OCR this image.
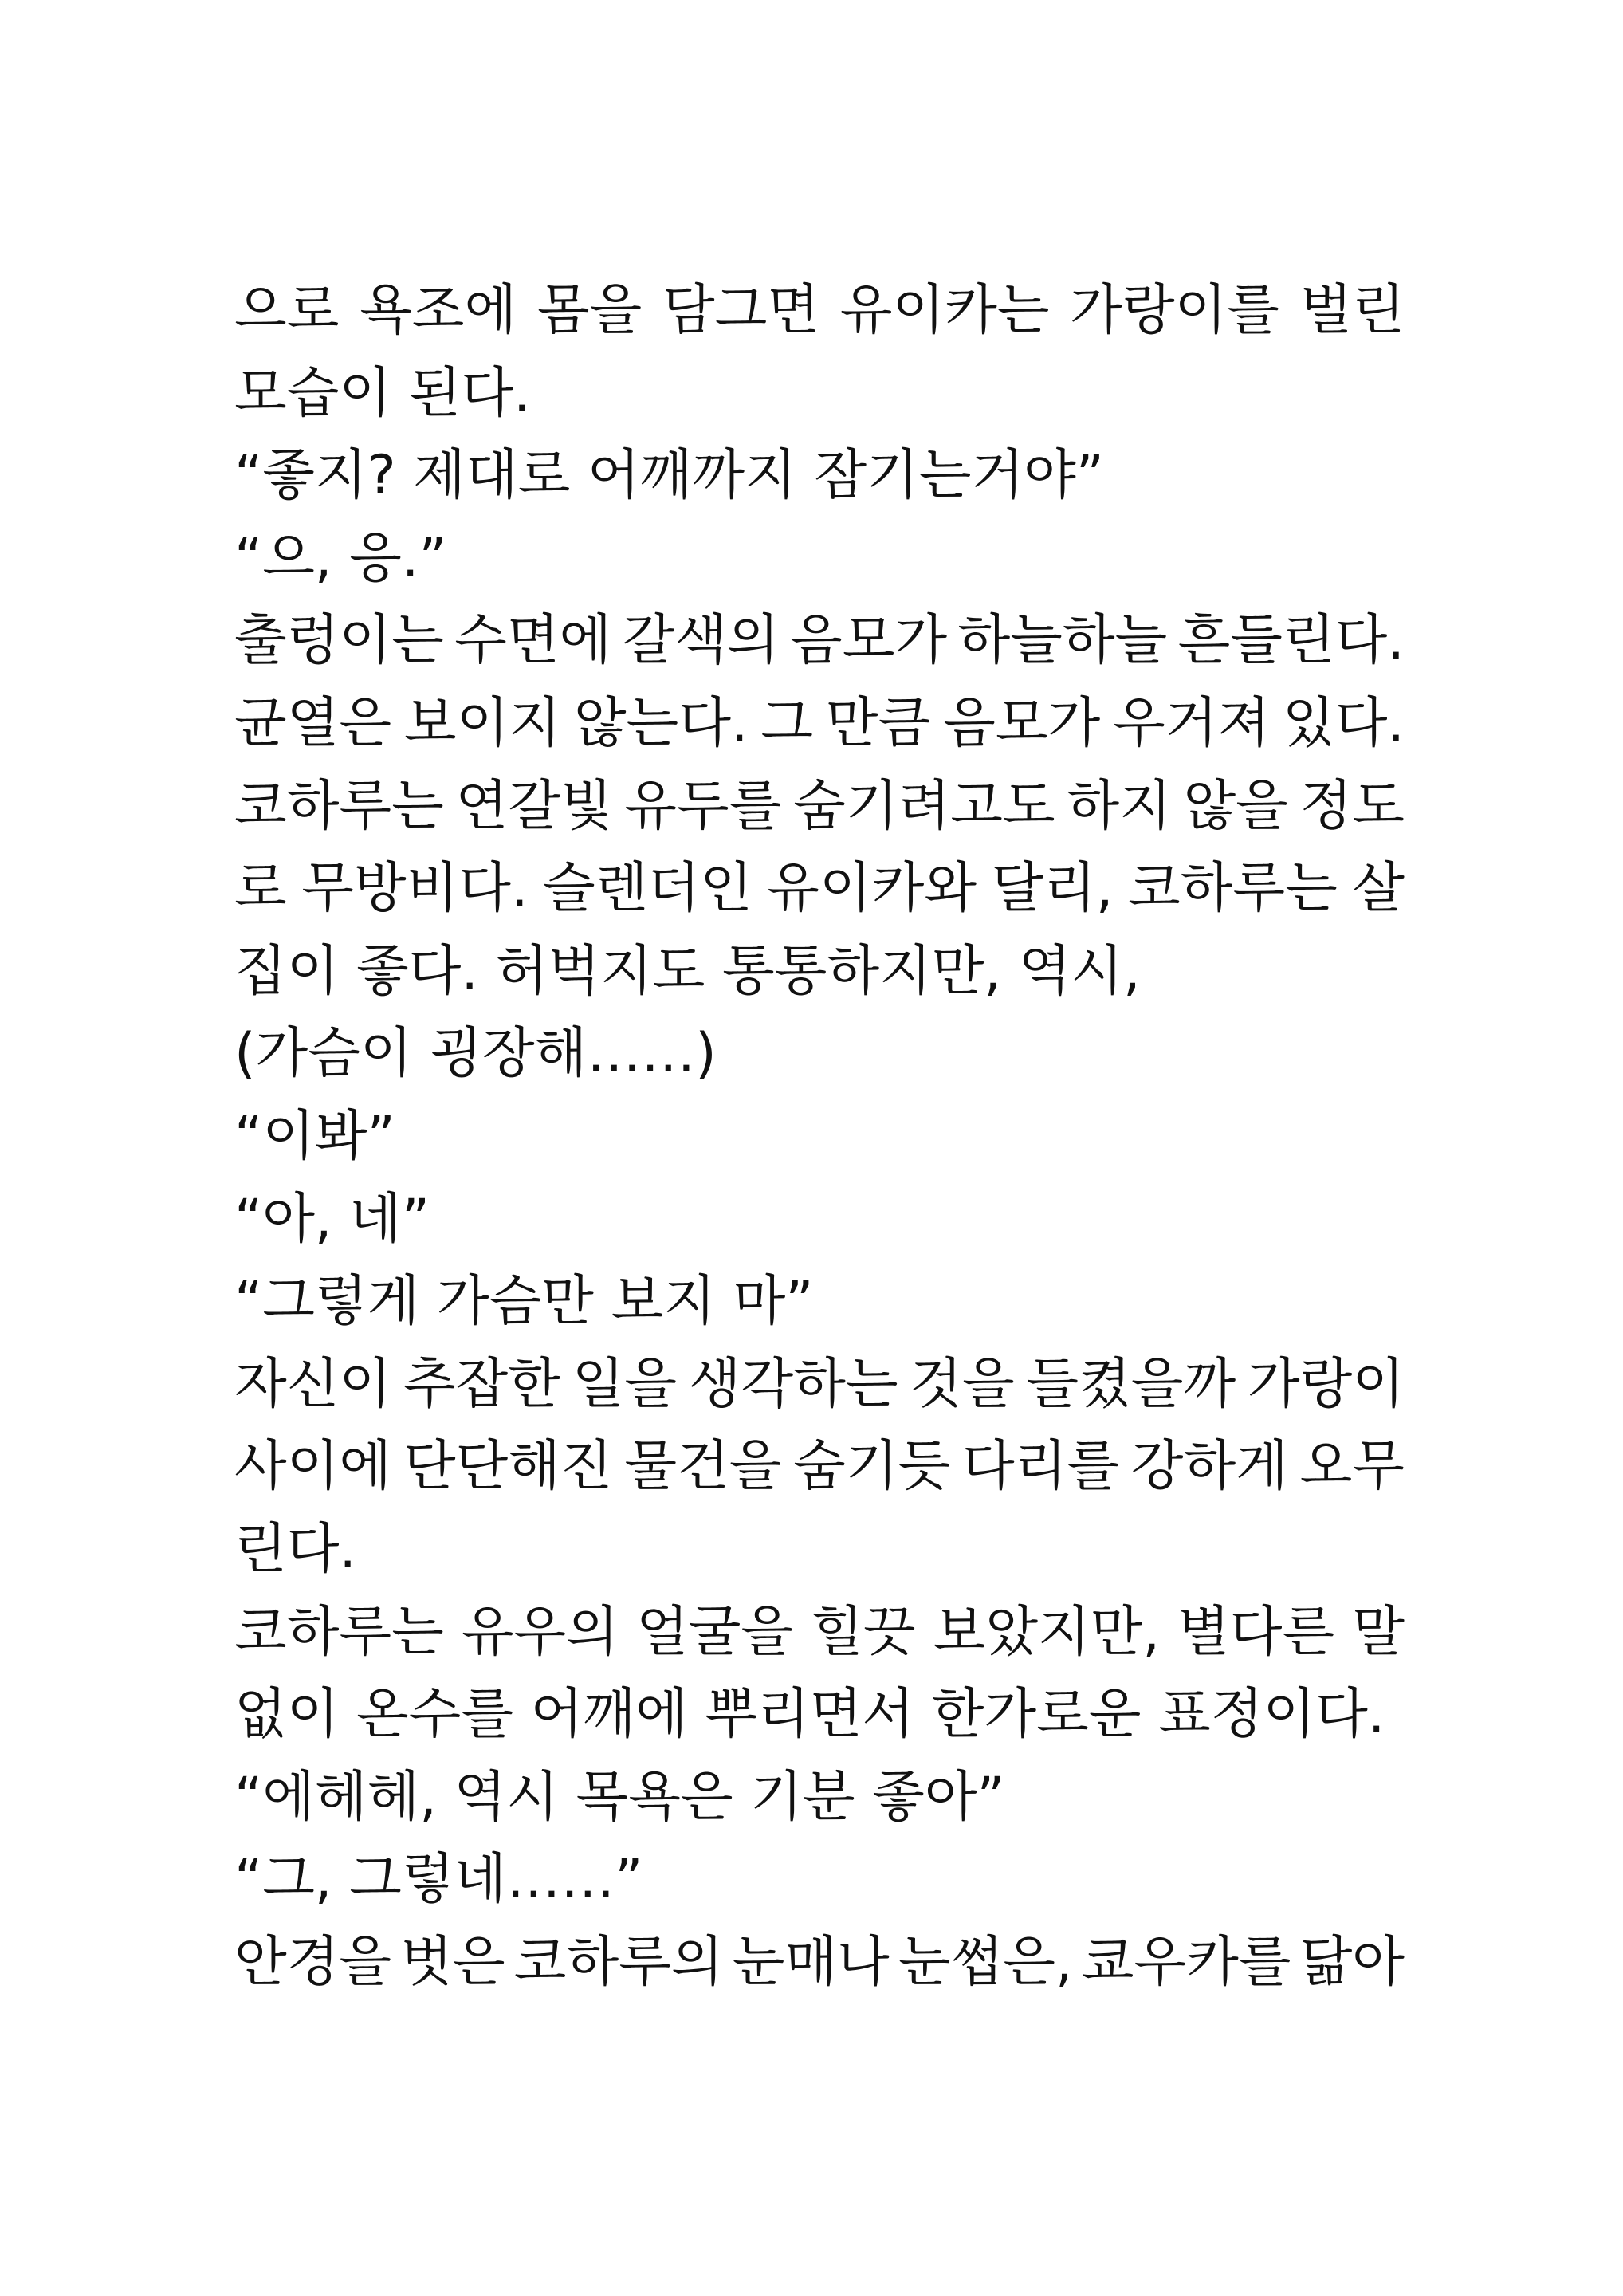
으로 욕조에 몸을 담그면 유이카는 가랑이를 벌린
모습이 된다.
“좋지? 제대로 어깨까지 잠기는거야”
“으, 응.”
출렁이는 수면에 갈색의 음모가 하늘하늘 흔들린다.
균열은 보이지 않는다. 그 만큼 음모가 우거져 있다.
코하루는 연갈빛 유두를 숨기려고도 하지 않을 정도
로 무방비다. 슬렌더인 유이카와 달리, 코하루는 살
집이 좋다. 허벅지도 통통하지만, 역시,
(가슴이 굉장해……)
“이봐”
“아, 네”
“그렇게 가슴만 보지 마”
자신이 추잡한 일을 생각하는 것을 들켰을까 가랑이
사이에 단단해진 물건을 숨기듯 다리를 강하게 오무
린다.
코하루는 유우의 얼굴을 힐끗 보았지만, 별다른 말
없이 온수를 어깨에 뿌리면서 한가로운 표정이다.
“에헤헤, 역시 목욕은 기분 좋아”
“그, 그렇네……”
안경을 벗은 코하루의 눈매나 눈썹은, 쿄우카를 닮아
